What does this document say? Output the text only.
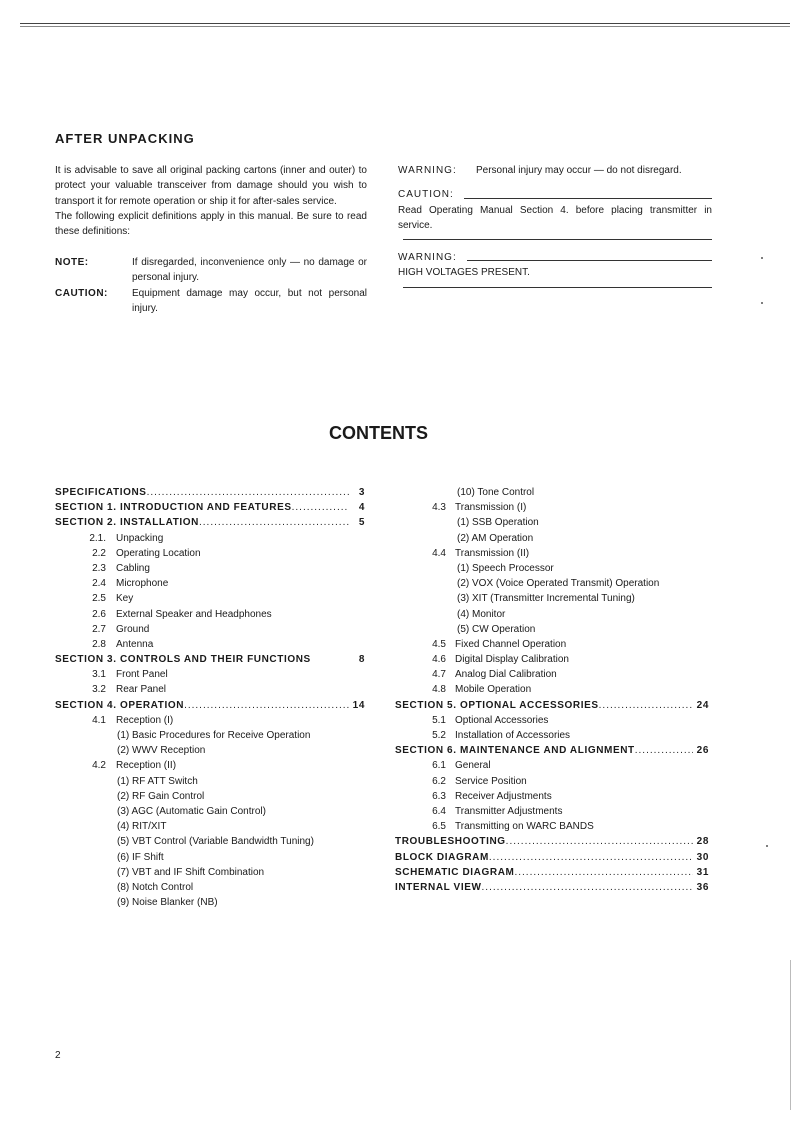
AFTER UNPACKING

It is advisable to save all original packing cartons (inner and outer) to protect your valuable transceiver from damage should you wish to transport it for remote operation or ship it for after-sales service.

The following explicit definitions apply in this manual. Be sure to read these definitions:

NOTE:	If disregarded, inconvenience only — no damage or personal injury.
CAUTION:	Equipment damage may occur, but not personal injury.
WARNING:	Personal injury may occur — do not disregard.
CAUTION:
Read Operating Manual Section 4. before placing transmitter in service.
WARNING:
HIGH VOLTAGES PRESENT.
CONTENTS
SPECIFICATIONS .....	3
SECTION 1. INTRODUCTION AND FEATURES .....	4
SECTION 2. INSTALLATION .....	5
2.1. Unpacking
2.2 Operating Location
2.3 Cabling
2.4 Microphone
2.5 Key
2.6 External Speaker and Headphones
2.7 Ground
2.8 Antenna
SECTION 3. CONTROLS AND THEIR FUNCTIONS	8
3.1 Front Panel
3.2 Rear Panel
SECTION 4. OPERATION .....	14
4.1 Reception (I)
(1) Basic Procedures for Receive Operation
(2) WWV Reception
4.2 Reception (II)
(1) RF ATT Switch
(2) RF Gain Control
(3) AGC (Automatic Gain Control)
(4) RIT/XIT
(5) VBT Control (Variable Bandwidth Tuning)
(6) IF Shift
(7) VBT and IF Shift Combination
(8) Notch Control
(9) Noise Blanker (NB)
(10) Tone Control
4.3 Transmission (I)
(1) SSB Operation
(2) AM Operation
4.4 Transmission (II)
(1) Speech Processor
(2) VOX (Voice Operated Transmit) Operation
(3) XIT (Transmitter Incremental Tuning)
(4) Monitor
(5) CW Operation
4.5 Fixed Channel Operation
4.6 Digital Display Calibration
4.7 Analog Dial Calibration
4.8 Mobile Operation
SECTION 5. OPTIONAL ACCESSORIES .....	24
5.1 Optional Accessories
5.2 Installation of Accessories
SECTION 6. MAINTENANCE AND ALIGNMENT .....	26
6.1 General
6.2 Service Position
6.3 Receiver Adjustments
6.4 Transmitter Adjustments
6.5 Transmitting on WARC BANDS
TROUBLESHOOTING .....	28
BLOCK DIAGRAM .....	30
SCHEMATIC DIAGRAM .....	31
INTERNAL VIEW .....	36
2
